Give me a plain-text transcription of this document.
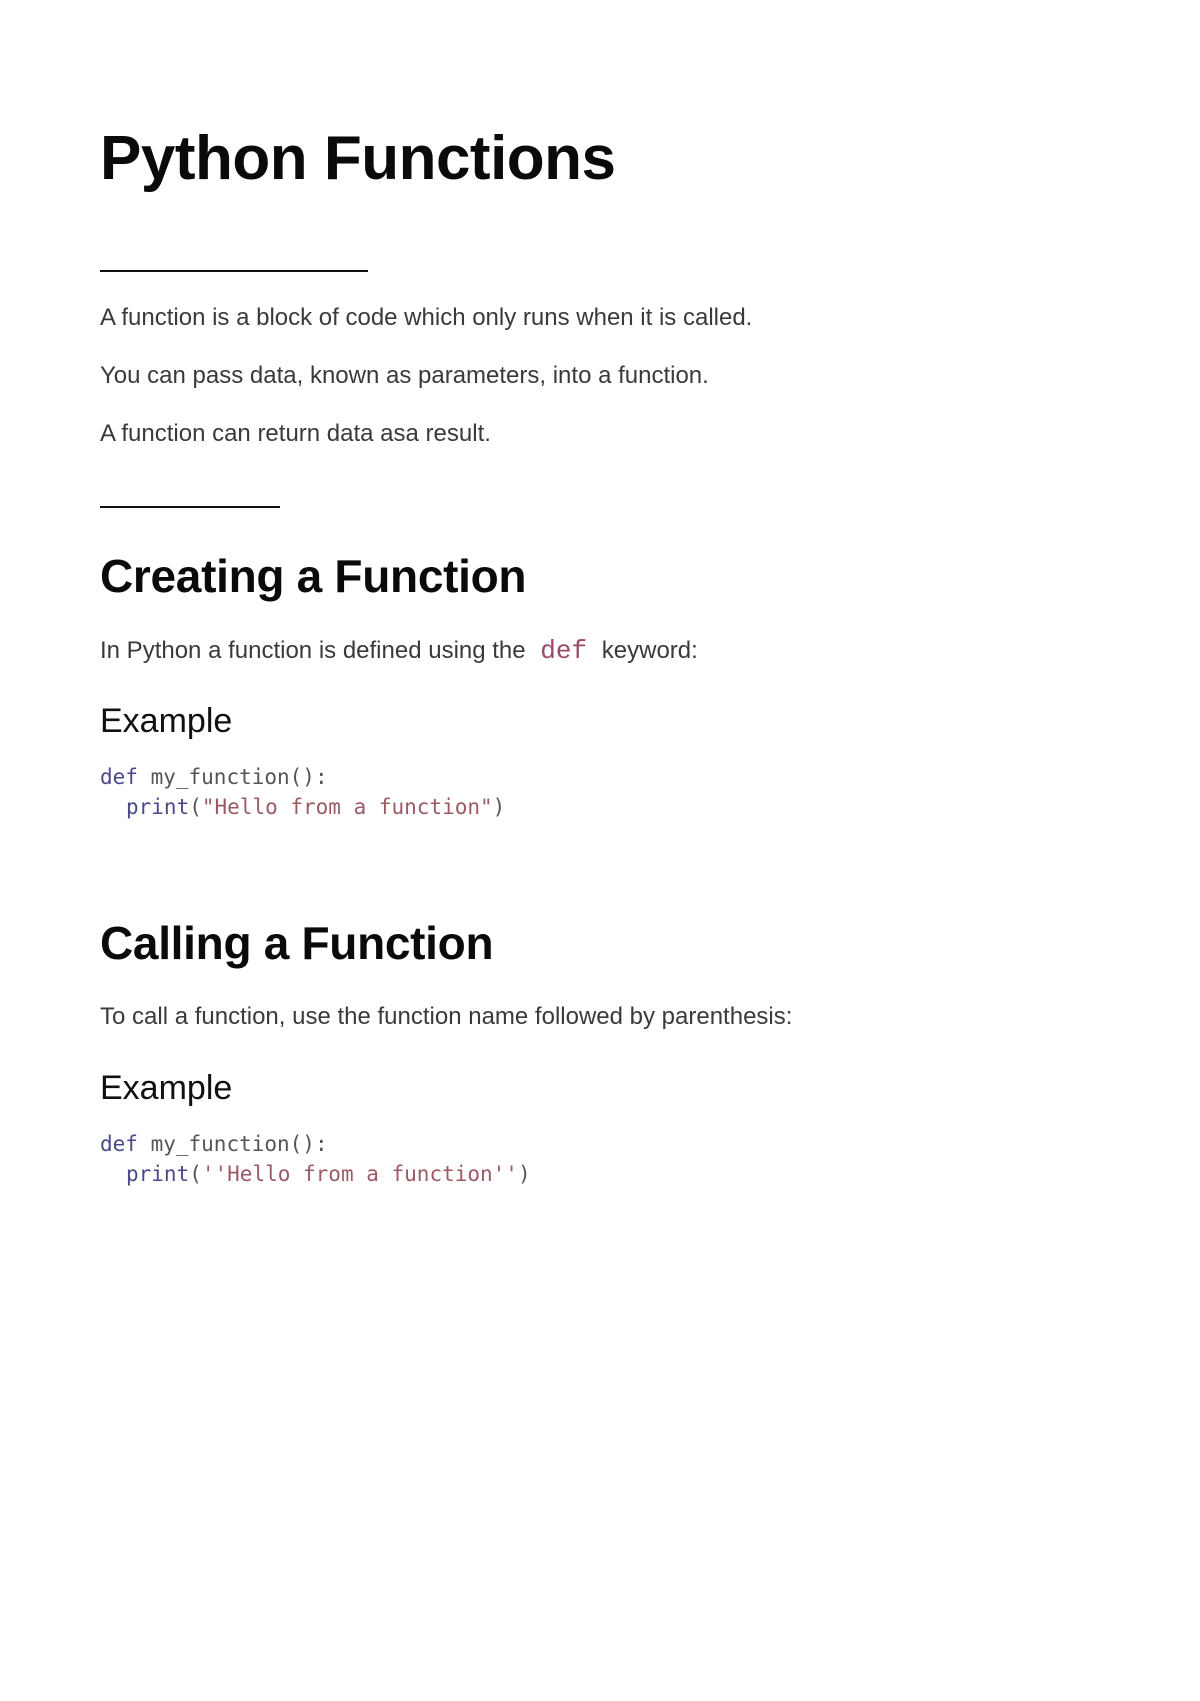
Python Functions

A function is a block of code which only runs when it is called.

You can pass data, known as parameters, into a function.

A function can return data asa result.

Creating a Function

In Python a function is defined using the def keyword:

Example
def my_function():
print("Hello from a function")
Calling a Function

To call a function, use the function name followed by parenthesis:

Example
def my_function():
print(''Hello from a function'')
